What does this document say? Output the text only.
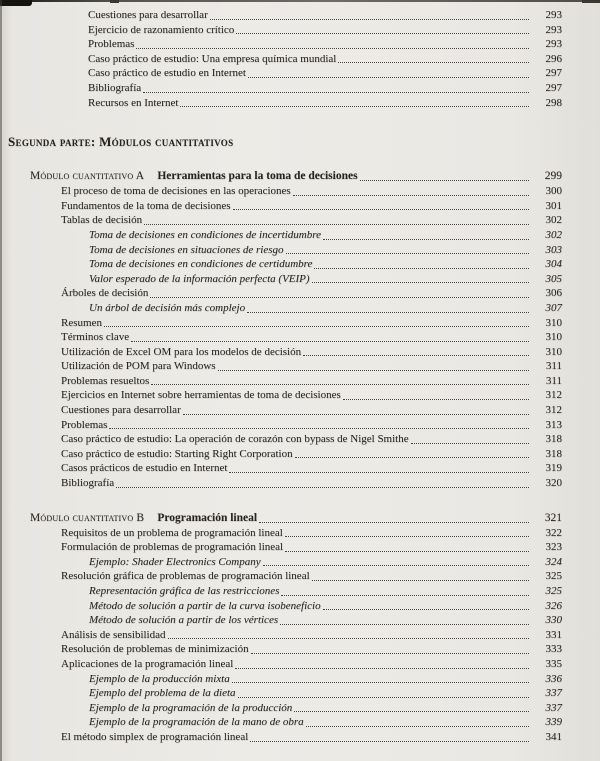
Cuestiones para desarrollar	293
Ejercicio de razonamiento crítico	293
Problemas	293
Caso práctico de estudio: Una empresa química mundial	296
Caso práctico de estudio en Internet	297
Bibliografía	297
Recursos en Internet	298
Segunda parte: Módulos cuantitativos
Módulo cuantitativo A Herramientas para la toma de decisiones	299
El proceso de toma de decisiones en las operaciones	300
Fundamentos de la toma de decisiones	301
Tablas de decisión	302
Toma de decisiones en condiciones de incertidumbre	302
Toma de decisiones en situaciones de riesgo	303
Toma de decisiones en condiciones de certidumbre	304
Valor esperado de la información perfecta (VEIP)	305
Árboles de decisión	306
Un árbol de decisión más complejo	307
Resumen	310
Términos clave	310
Utilización de Excel OM para los modelos de decisión	310
Utilización de POM para Windows	311
Problemas resueltos	311
Ejercicios en Internet sobre herramientas de toma de decisiones	312
Cuestiones para desarrollar	312
Problemas	313
Caso práctico de estudio: La operación de corazón con bypass de Nigel Smithe	318
Caso práctico de estudio: Starting Right Corporation	318
Casos prácticos de estudio en Internet	319
Bibliografía	320
Módulo cuantitativo B Programación lineal	321
Requisitos de un problema de programación lineal	322
Formulación de problemas de programación lineal	323
Ejemplo: Shader Electronics Company	324
Resolución gráfica de problemas de programación lineal	325
Representación gráfica de las restricciones	325
Método de solución a partir de la curva isobeneficio	326
Método de solución a partir de los vértices	330
Análisis de sensibilidad	331
Resolución de problemas de minimización	333
Aplicaciones de la programación lineal	335
Ejemplo de la producción mixta	336
Ejemplo del problema de la dieta	337
Ejemplo de la programación de la producción	337
Ejemplo de la programación de la mano de obra	339
El método simplex de programación lineal	341
